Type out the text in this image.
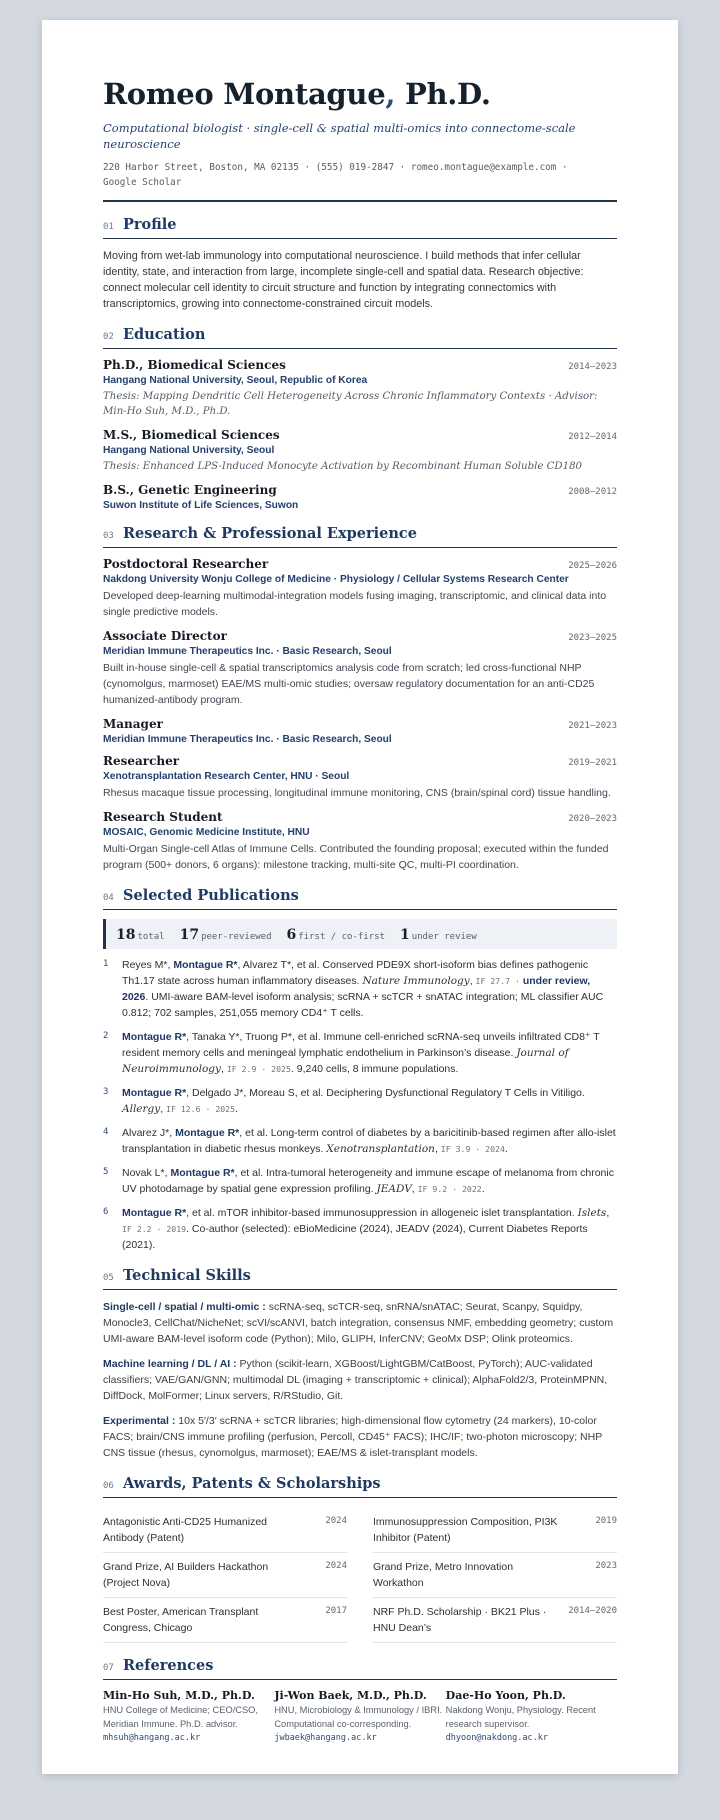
Romeo Montague, Ph.D.
Computational biologist · single-cell & spatial multi-omics into connectome-scale neuroscience
220 Harbor Street, Boston, MA 02135 · (555) 019-2847 · romeo.montague@example.com ·
Google Scholar
01 Profile
Moving from wet-lab immunology into computational neuroscience. I build methods that infer cellular identity, state, and interaction from large, incomplete single-cell and spatial data. Research objective: connect molecular cell identity to circuit structure and function by integrating connectomics with transcriptomics, growing into connectome-constrained circuit models.
02 Education
Ph.D., Biomedical Sciences	2014–2023
Hangang National University, Seoul, Republic of Korea
Thesis: Mapping Dendritic Cell Heterogeneity Across Chronic Inflammatory Contexts · Advisor: Min-Ho Suh, M.D., Ph.D.
M.S., Biomedical Sciences	2012–2014
Hangang National University, Seoul
Thesis: Enhanced LPS-Induced Monocyte Activation by Recombinant Human Soluble CD180
B.S., Genetic Engineering	2008–2012
Suwon Institute of Life Sciences, Suwon
03 Research & Professional Experience
Postdoctoral Researcher	2025–2026
Nakdong University Wonju College of Medicine · Physiology / Cellular Systems Research Center
Developed deep-learning multimodal-integration models fusing imaging, transcriptomic, and clinical data into single predictive models.
Associate Director	2023–2025
Meridian Immune Therapeutics Inc. · Basic Research, Seoul
Built in-house single-cell & spatial transcriptomics analysis code from scratch; led cross-functional NHP (cynomolgus, marmoset) EAE/MS multi-omic studies; oversaw regulatory documentation for an anti-CD25 humanized-antibody program.
Manager	2021–2023
Meridian Immune Therapeutics Inc. · Basic Research, Seoul
Researcher	2019–2021
Xenotransplantation Research Center, HNU · Seoul
Rhesus macaque tissue processing, longitudinal immune monitoring, CNS (brain/spinal cord) tissue handling.
Research Student	2020–2023
MOSAIC, Genomic Medicine Institute, HNU
Multi-Organ Single-cell Atlas of Immune Cells. Contributed the founding proposal; executed within the funded program (500+ donors, 6 organs): milestone tracking, multi-site QC, multi-PI coordination.
04 Selected Publications
18 total 17 peer-reviewed 6 first / co-first 1 under review
1	Reyes M*, Montague R*, Alvarez T*, et al. Conserved PDE9X short-isoform bias defines pathogenic Th1.17 state across human inflammatory diseases. Nature Immunology, IF 27.7 · under review, 2026. UMI-aware BAM-level isoform analysis; scRNA + scTCR + snATAC integration; ML classifier AUC 0.812; 702 samples, 251,055 memory CD4⁺ T cells.
2	Montague R*, Tanaka Y*, Truong P*, et al. Immune cell-enriched scRNA-seq unveils infiltrated CD8⁺ T resident memory cells and meningeal lymphatic endothelium in Parkinson’s disease. Journal of Neuroimmunology, IF 2.9 · 2025. 9,240 cells, 8 immune populations.
3	Montague R*, Delgado J*, Moreau S, et al. Deciphering Dysfunctional Regulatory T Cells in Vitiligo. Allergy, IF 12.6 · 2025.
4	Alvarez J*, Montague R*, et al. Long-term control of diabetes by a baricitinib-based regimen after allo-islet transplantation in diabetic rhesus monkeys. Xenotransplantation, IF 3.9 · 2024.
5	Novak L*, Montague R*, et al. Intra-tumoral heterogeneity and immune escape of melanoma from chronic UV photodamage by spatial gene expression profiling. JEADV, IF 9.2 · 2022.
6	Montague R*, et al. mTOR inhibitor-based immunosuppression in allogeneic islet transplantation. Islets, IF 2.2 · 2019. Co-author (selected): eBioMedicine (2024), JEADV (2024), Current Diabetes Reports (2021).
05 Technical Skills
Single-cell / spatial / multi-omic : scRNA-seq, scTCR-seq, snRNA/snATAC; Seurat, Scanpy, Squidpy, Monocle3, CellChat/NicheNet; scVI/scANVI, batch integration, consensus NMF, embedding geometry; custom UMI-aware BAM-level isoform code (Python); Milo, GLIPH, InferCNV; GeoMx DSP; Olink proteomics.
Machine learning / DL / AI : Python (scikit-learn, XGBoost/LightGBM/CatBoost, PyTorch); AUC-validated classifiers; VAE/GAN/GNN; multimodal DL (imaging + transcriptomic + clinical); AlphaFold2/3, ProteinMPNN, DiffDock, MolFormer; Linux servers, R/RStudio, Git.
Experimental : 10x 5′/3′ scRNA + scTCR libraries; high-dimensional flow cytometry (24 markers), 10-color FACS; brain/CNS immune profiling (perfusion, Percoll, CD45⁺ FACS); IHC/IF; two-photon microscopy; NHP CNS tissue (rhesus, cynomolgus, marmoset); EAE/MS & islet-transplant models.
06 Awards, Patents & Scholarships
Antagonistic Anti-CD25 Humanized Antibody (Patent)
2024
Grand Prize, AI Builders Hackathon (Project Nova)
2024
Best Poster, American Transplant Congress, Chicago
2017
Immunosuppression Composition, PI3K Inhibitor (Patent)
2019
Grand Prize, Metro Innovation Workathon
2023
NRF Ph.D. Scholarship · BK21 Plus · HNU Dean’s
2014–2020
07 References
Min-Ho Suh, M.D., Ph.D.
HNU College of Medicine; CEO/CSO, Meridian Immune. Ph.D. advisor.
mhsuh@hangang.ac.kr
Ji-Won Baek, M.D., Ph.D.
HNU, Microbiology & Immunology / IBRI. Computational co-corresponding.
jwbaek@hangang.ac.kr
Dae-Ho Yoon, Ph.D.
Nakdong Wonju, Physiology. Recent research supervisor.
dhyoon@nakdong.ac.kr
